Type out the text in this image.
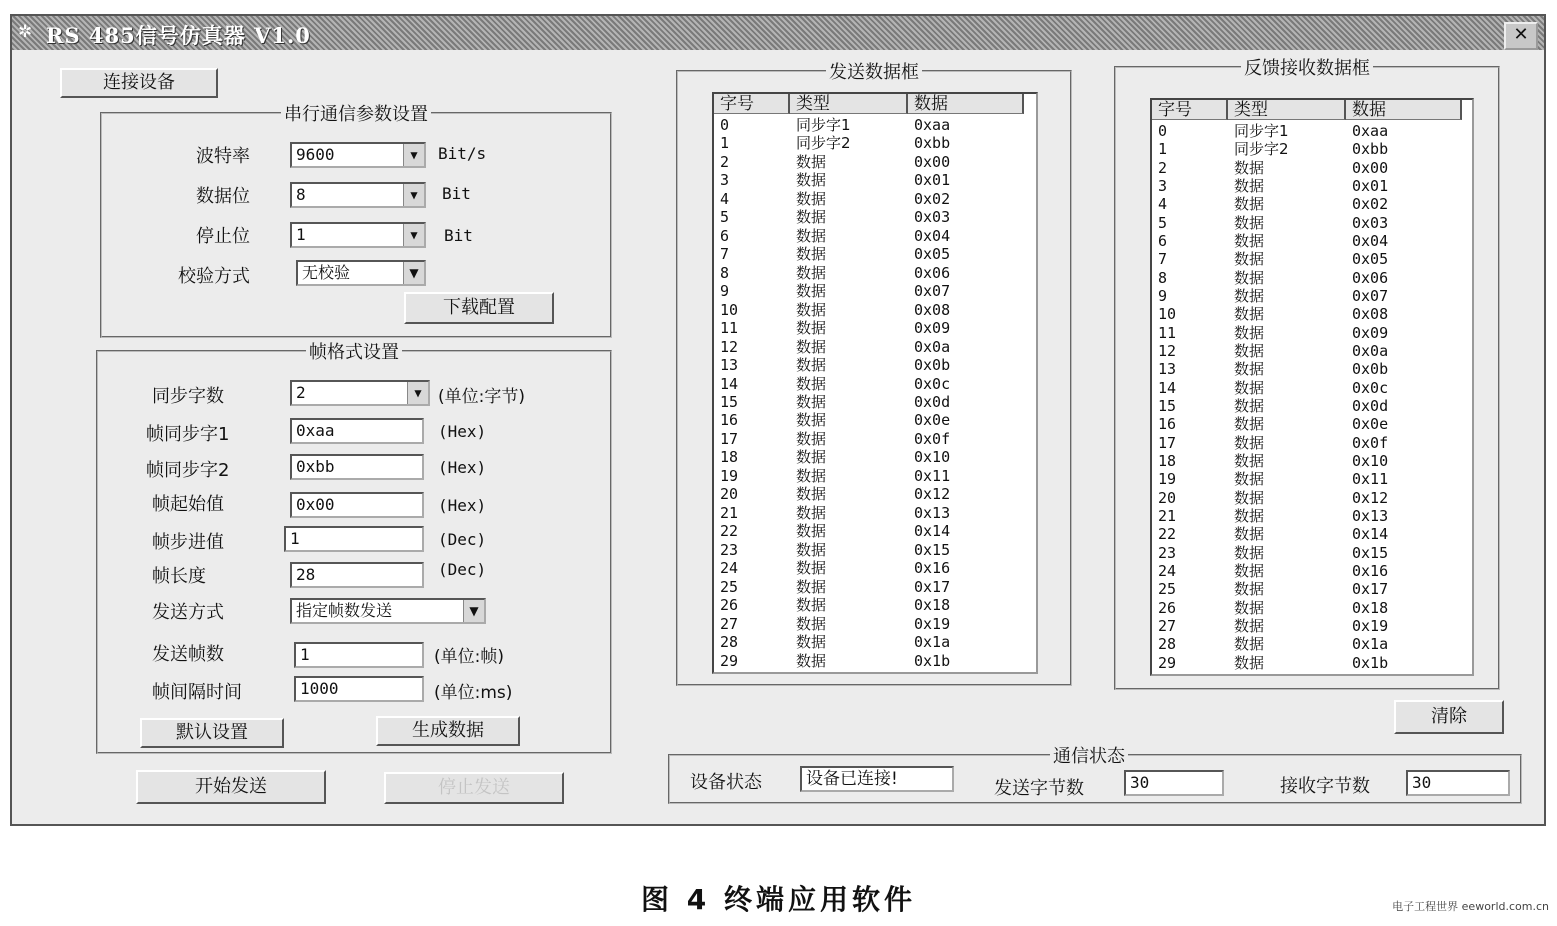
✲ RS 485信号仿真器 V1.0	✕
连接设备
串行通信参数设置
波特率	9600	▼	Bit/s
数据位	8	▼	Bit
停止位	1	▼	Bit
校验方式	无校验	▼
下载配置
帧格式设置
同步字数	2	▼ (单位:字节)
帧同步字1	0xaa	(Hex)
帧同步字2	0xbb	(Hex)
帧起始值	0x00	(Hex)
帧步进值	1	(Dec)
帧长度	28	(Dec)
发送方式	指定帧数发送	▼
发送帧数	1	(单位:帧)
帧间隔时间	1000	(单位:ms)
默认设置	生成数据
开始发送	停止发送
发送数据框
字号	类型	数据
0	同步字1	0xaa
1	同步字2	0xbb
2	数据	0x00
3	数据	0x01
4	数据	0x02
5	数据	0x03
6	数据	0x04
7	数据	0x05
8	数据	0x06
9	数据	0x07
10	数据	0x08
11	数据	0x09
12	数据	0x0a
13	数据	0x0b
14	数据	0x0c
15	数据	0x0d
16	数据	0x0e
17	数据	0x0f
18	数据	0x10
19	数据	0x11
20	数据	0x12
21	数据	0x13
22	数据	0x14
23	数据	0x15
24	数据	0x16
25	数据	0x17
26	数据	0x18
27	数据	0x19
28	数据	0x1a
29	数据	0x1b
反馈接收数据框
字号	类型	数据
0	同步字1	0xaa
1	同步字2	0xbb
2	数据	0x00
3	数据	0x01
4	数据	0x02
5	数据	0x03
6	数据	0x04
7	数据	0x05
8	数据	0x06
9	数据	0x07
10	数据	0x08
11	数据	0x09
12	数据	0x0a
13	数据	0x0b
14	数据	0x0c
15	数据	0x0d
16	数据	0x0e
17	数据	0x0f
18	数据	0x10
19	数据	0x11
20	数据	0x12
21	数据	0x13
22	数据	0x14
23	数据	0x15
24	数据	0x16
25	数据	0x17
26	数据	0x18
27	数据	0x19
28	数据	0x1a
29	数据	0x1b
清除
通信状态
设备状态	设备已连接!	发送字节数	30	接收字节数	30
图 4 终端应用软件	电子工程世界 eeworld.com.cn
